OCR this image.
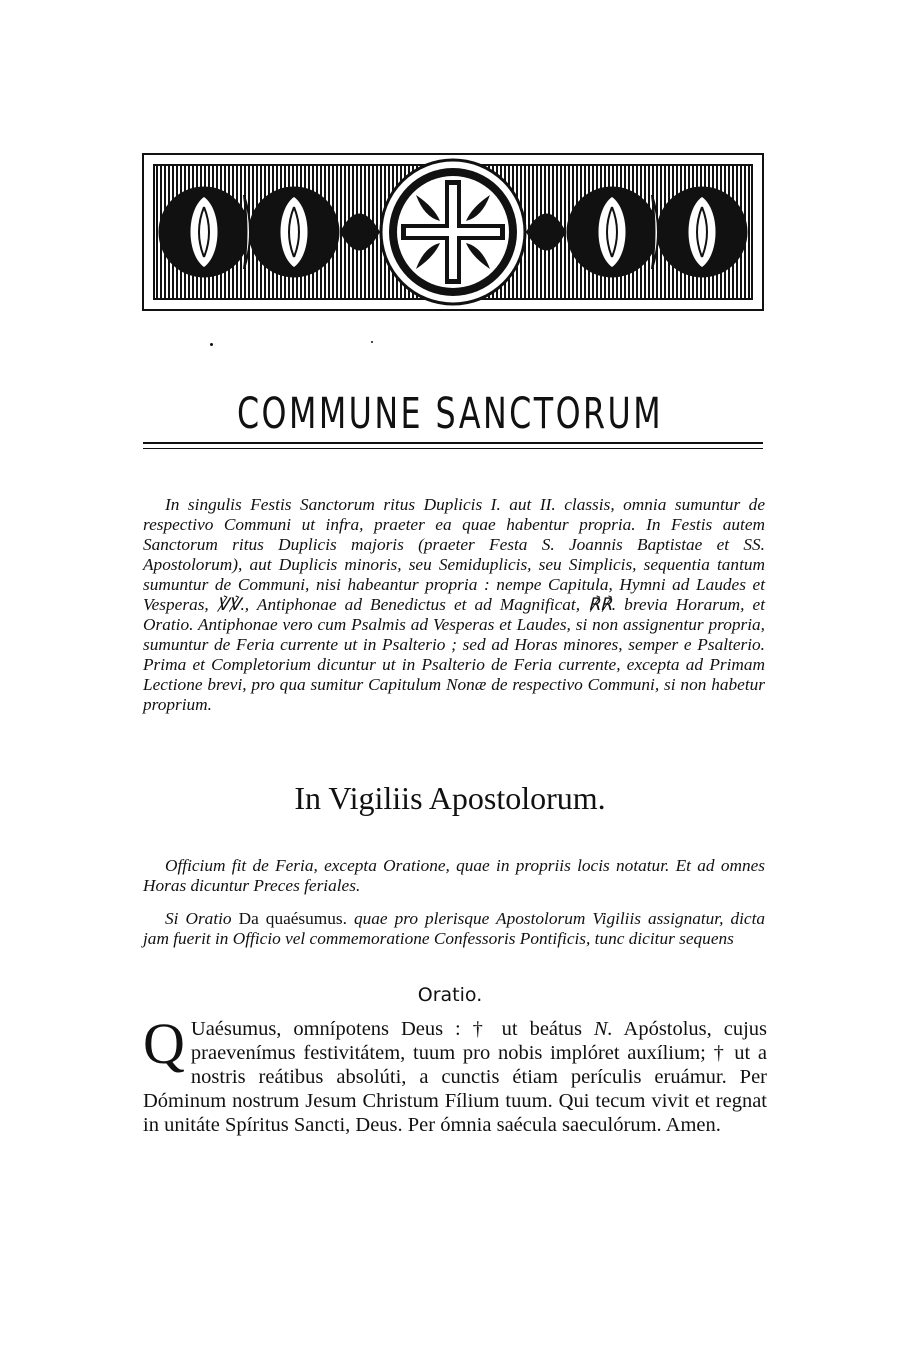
COMMUNE SANCTORUM

In singulis Festis Sanctorum ritus Duplicis I. aut II. classis, omnia sumuntur de respectivo Communi ut infra, praeter ea quae habentur propria. In Festis autem Sanctorum ritus Duplicis majoris (praeter Festa S. Joannis Baptistae et SS. Apostolorum), aut Duplicis minoris, seu Semiduplicis, seu Simplicis, sequentia tantum sumuntur de Communi, nisi habeantur propria : nempe Capitula, Hymni ad Laudes et Vesperas, ℣℣., Antiphonae ad Benedictus et ad Magnificat, ℟℟. brevia Horarum, et Oratio. Antiphonae vero cum Psalmis ad Vesperas et Laudes, si non assignentur propria, sumuntur de Feria currente ut in Psalterio ; sed ad Horas minores, semper e Psalterio. Prima et Completorium dicuntur ut in Psalterio de Feria currente, excepta ad Primam Lectione brevi, pro qua sumitur Capitulum Nonæ de respectivo Communi, si non habetur proprium.

In Vigiliis Apostolorum.

Officium fit de Feria, excepta Oratione, quae in propriis locis notatur. Et ad omnes Horas dicuntur Preces feriales.

Si Oratio Da quaésumus. quae pro plerisque Apostolorum Vigiliis assignatur, dicta jam fuerit in Officio vel commemoratione Confessoris Pontificis, tunc dicitur sequens

Oratio.

Q Uaésumus, omnípotens Deus : † ut beátus N. Apóstolus, cujus praevenímus festivitátem, tuum pro nobis implóret auxílium; † ut a nostris reátibus absolúti, a cunctis étiam perículis eruámur. Per Dóminum nostrum Jesum Christum Fílium tuum. Qui tecum vivit et regnat in unitáte Spíritus Sancti, Deus. Per ómnia saécula saeculórum. Amen.
